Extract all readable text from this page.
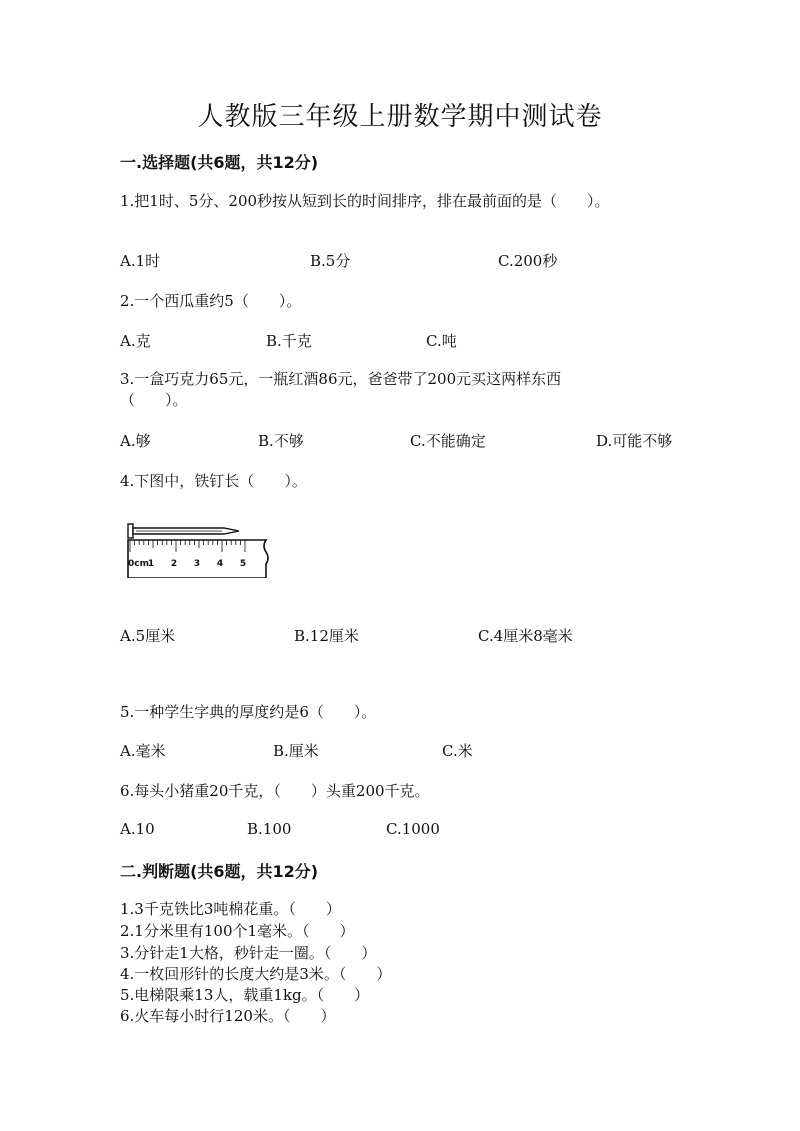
人教版三年级上册数学期中测试卷
一.选择题(共6题，共12分)
1.把1时、5分、200秒按从短到长的时间排序，排在最前面的是（　　）。
A.1时	B.5分	C.200秒
2.一个西瓜重约5（　　）。
A.克	B.千克	C.吨
3.一盒巧克力65元，一瓶红酒86元，爸爸带了200元买这两样东西
（　　）。
A.够	B.不够	C.不能确定	D.可能不够
4.下图中，铁钉长（　　）。
0cm
1 2 3 4 5
A.5厘米	B.12厘米	C.4厘米8毫米
5.一种学生字典的厚度约是6（　　）。
A.毫米	B.厘米	C.米
6.每头小猪重20千克，（　　）头重200千克。
A.10	B.100	C.1000
二.判断题(共6题，共12分)
1.3千克铁比3吨棉花重。（　　）
2.1分米里有100个1毫米。（　　）
3.分针走1大格，秒针走一圈。（　　）
4.一枚回形针的长度大约是3米。（　　）
5.电梯限乘13人，载重1kg。（　　）
6.火车每小时行120米。（　　）
